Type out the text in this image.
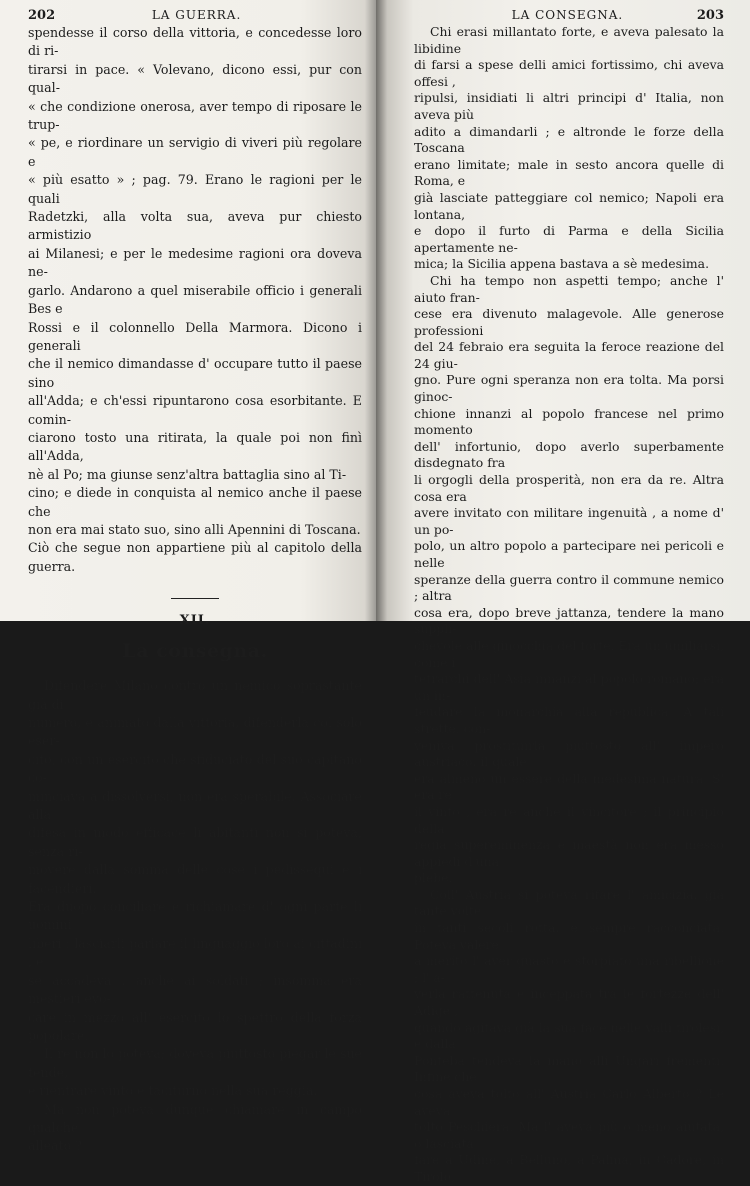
202	LA GUERRA.

spendesse il corso della vittoria, e concedesse loro di ri-

tirarsi in pace. « Volevano, dicono essi, pur con qual-

« che condizione onerosa, aver tempo di riposare le trup-

« pe, e riordinare un servigio di viveri più regolare e

« più esatto » ; pag. 79. Erano le ragioni per le quali

Radetzki, alla volta sua, aveva pur chiesto armistizio

ai Milanesi; e per le medesime ragioni ora doveva ne-

garlo. Andarono a quel miserabile officio i generali Bes e

Rossi e il colonnello Della Marmora. Dicono i generali

che il nemico dimandasse d' occupare tutto il paese sino

all'Adda; e ch'essi ripuntarono cosa esorbitante. E comin-

ciarono tosto una ritirata, la quale poi non finì all'Adda,

nè al Po; ma giunse senz'altra battaglia sino al Ti-

cino; e diede in conquista al nemico anche il paese che

non era mai stato suo, sino alli Apennini di Toscana.

Ciò che segue non appartiene più al capitolo della guerra.

XII.
La consegna.

Difendere Milano contro un nemico soprastante già di

numero, e animato dalla vittoria, difenderla col solo eser-

cito, con un esercito che sfiduciato del suo capitano co-

minciava a dissolversi, non era sperabile. Associare alla

difesa in modo efficace li abitanti non si poteva, senza ri-

movere dalla somma delle cose i pedissequi e i facendieri.

Era duopo conciliare e richiamare d' ogni parte li uomini

liberi : lasciarli parlare il linguaggio loro ai cittadini , e

se accadeva , anche ai soldati ; insomma era mestieri evo-

care in mezzo all' esercito lo spettro della forza popolare.

Il re non lo poteva; doveva piuttosto piegar le sue tende,

e rientrare vinto e taciturno nella sua reggia.

Ma non poteva dunque chiamare in campo qualche

alleato ?

LA CONSEGNA.	203

Chi erasi millantato forte, e aveva palesato la libidine

di farsi a spese delli amici fortissimo, chi aveva offesi ,

ripulsi, insidiati li altri principi d' Italia, non aveva più

adito a dimandarli ; e altronde le forze della Toscana

erano limitate; male in sesto ancora quelle di Roma, e

già lasciate patteggiare col nemico; Napoli era lontana,

e dopo il furto di Parma e della Sicilia apertamente ne-

mica; la Sicilia appena bastava a sè medesima.

Chi ha tempo non aspetti tempo; anche l' aiuto fran-

cese era divenuto malagevole. Alle generose professioni

del 24 febraio era seguita la feroce reazione del 24 giu-

gno. Pure ogni speranza non era tolta. Ma porsi ginoc-

chione innanzi al popolo francese nel primo momento

dell' infortunio, dopo averlo superbamente disdegnato fra

li orgogli della prosperità, non era da re. Altra cosa era

avere invitato con militare ingenuità , a nome d' un po-

polo, un altro popolo a partecipare nei pericoli e nelle

speranze della guerra contro il commune nemico ; altra

cosa era, dopo breve jattanza, tendere la mano suppli-

chevole alle ginocchia del forte. Era un umiliarsi, come i

tetrarchi dell' Asia innanzi al popolo romano; era un in-

feudare la monarchia alla republica. A tali strette, con-

veniva prostituirla piuttosto all' impero austriaco, il quale

era almeno un essere della medesima natura. S' era re

il vinto , era re anche il vincitore ; il principio della

regia supereminenza e maestà non era messo appiedi d'una

plebe.

Coll' Austria si poteva rifare l' amicizia, già tante volte

in tanti secoli rotta, e sempre racconciata. Poteva valere

a merito l' aver guasto e storpiato una ribellione ; l' a-

verla rattenuta e inceppata tra le fortezze dell' Adige ,

quando agitava già la sua face nelle valli tirolesi, e dalla

Ponteba tendeva la mano alli Ungari frementi. Infine che

cosa aveva tolto all' Austria Carlo Alberto ? Le aveva

tolto Peschiera. Ma l' aveva più o meno aiutata, o lasciata

fare a Udine, a Belluno, a Palma, in Cadore, in Tirolo,
